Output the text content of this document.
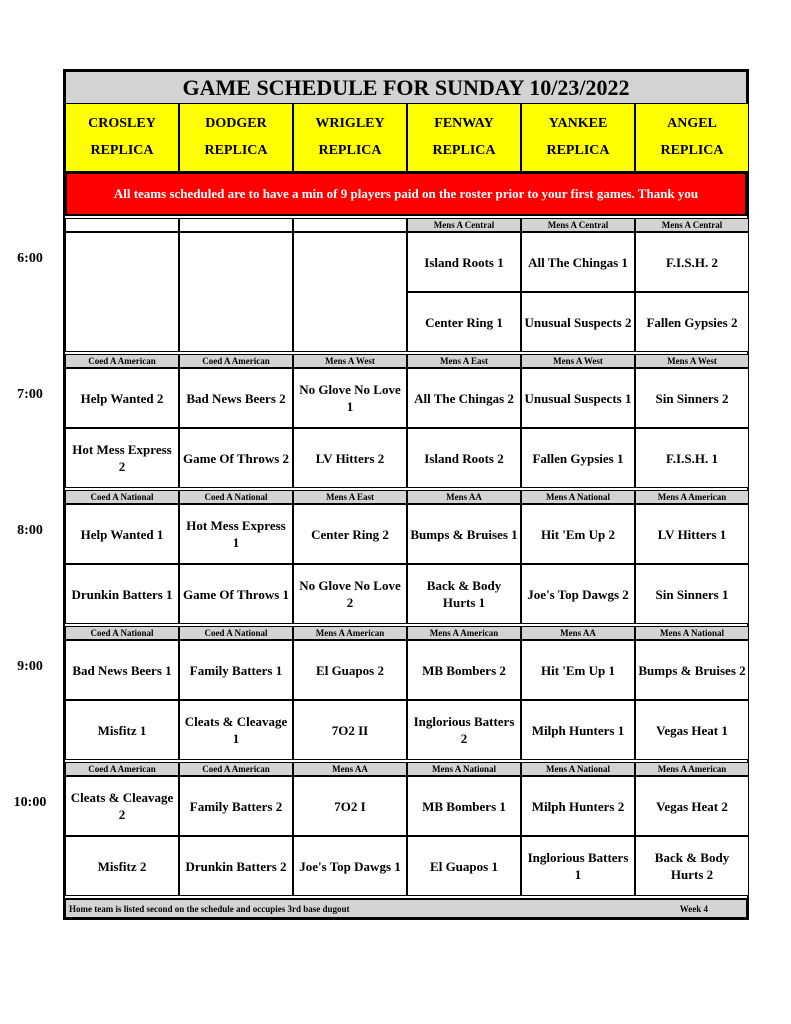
GAME SCHEDULE FOR SUNDAY 10/23/2022
All teams scheduled are to have a min of 9 players paid on the roster prior to your first games. Thank you
Home team is listed second on the schedule and occupies 3rd base dugout	Week 4
CROSLEY
REPLICA
DODGER
REPLICA
WRIGLEY
REPLICA
FENWAY
REPLICA
YANKEE
REPLICA
ANGEL
REPLICA
Mens A Central
Island Roots 1
Center Ring 1
Mens A Central
All The Chingas 1
Unusual Suspects 2
Mens A Central
F.I.S.H. 2
Fallen Gypsies 2
Coed A American
Help Wanted 2
Hot Mess Express 2
Coed A American
Bad News Beers 2
Game Of Throws 2
Mens A West
No Glove No Love 1
LV Hitters 2
Mens A East
All The Chingas 2
Island Roots 2
Mens A West
Unusual Suspects 1
Fallen Gypsies 1
Mens A West
Sin Sinners 2
F.I.S.H. 1
Coed A National
Help Wanted 1
Drunkin Batters 1
Coed A National
Hot Mess Express 1
Game Of Throws 1
Mens A East
Center Ring 2
No Glove No Love 2
Mens AA
Bumps & Bruises 1
Back & Body Hurts 1
Mens A National
Hit 'Em Up 2
Joe's Top Dawgs 2
Mens A American
LV Hitters 1
Sin Sinners 1
Coed A National
Bad News Beers 1
Misfitz 1
Coed A National
Family Batters 1
Cleats & Cleavage 1
Mens A American
El Guapos 2
7O2 II
Mens A American
MB Bombers 2
Inglorious Batters 2
Mens AA
Hit 'Em Up 1
Milph Hunters 1
Mens A National
Bumps & Bruises 2
Vegas Heat 1
Coed A American
Cleats & Cleavage 2
Misfitz 2
Coed A American
Family Batters 2
Drunkin Batters 2
Mens AA
7O2 I
Joe's Top Dawgs 1
Mens A National
MB Bombers 1
El Guapos 1
Mens A National
Milph Hunters 2
Inglorious Batters 1
Mens A American
Vegas Heat 2
Back & Body Hurts 2
6:00
7:00
8:00
9:00
10:00
